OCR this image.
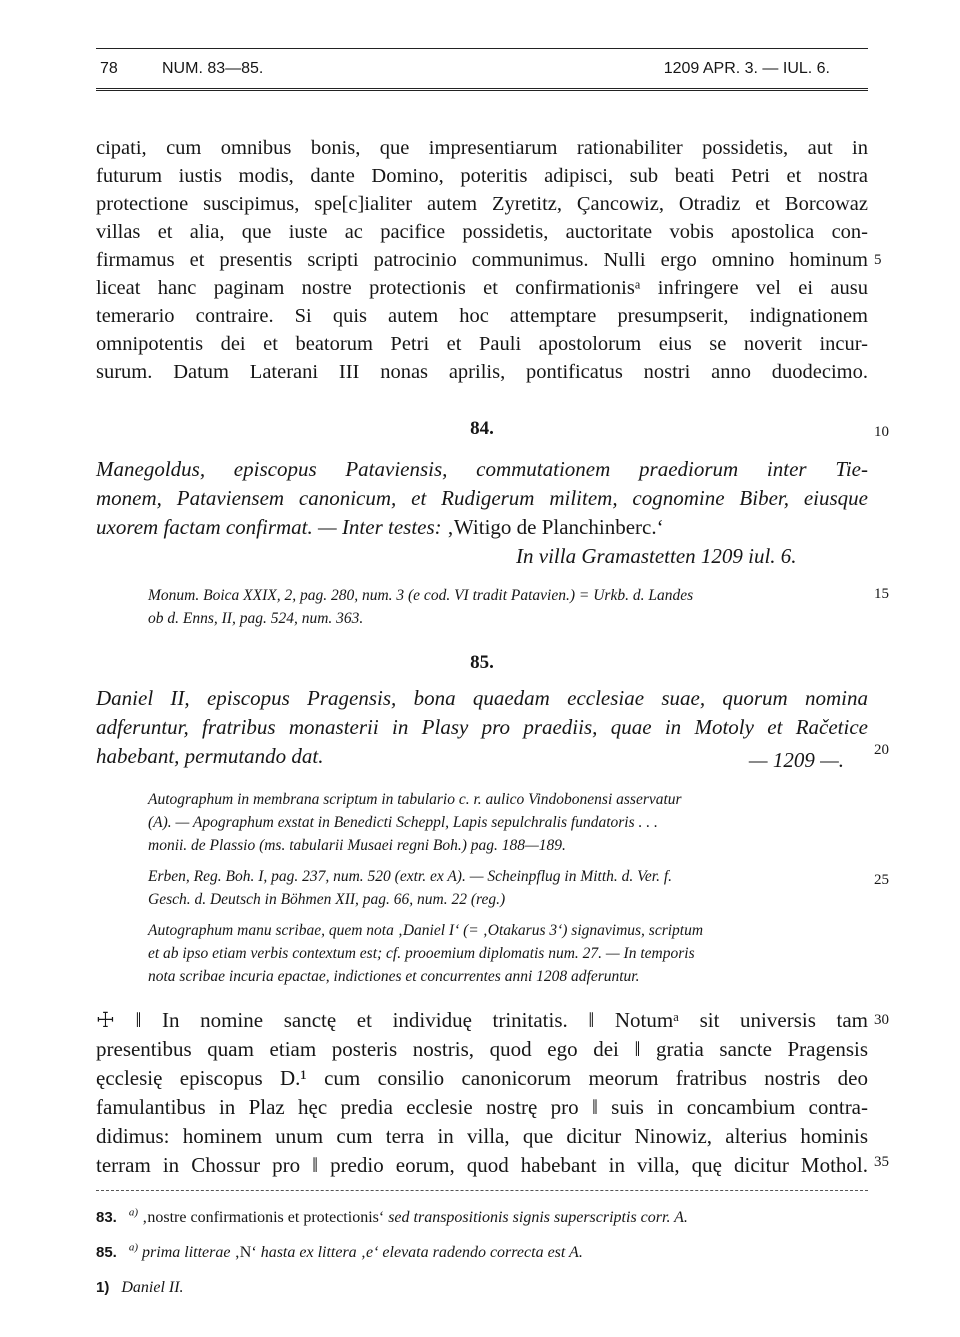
78	NUM. 83—85.	1209 APR. 3. — IUL. 6.
cipati, cum omnibus bonis, que impresentiarum rationabiliter possidetis, aut in
futurum iustis modis, dante Domino, poteritis adipisci, sub beati Petri et nostra
protectione suscipimus, spe[c]ialiter autem Zyretitz, Çancowiz, Otradiz et Borcowaz
villas et alia, que iuste ac pacifice possidetis, auctoritate vobis apostolica con-
firmamus et presentis scripti patrocinio communimus. Nulli ergo omnino hominum
liceat hanc paginam nostre protectionis et confirmationisᵃ infringere vel ei ausu
temerario contraire. Si quis autem hoc attemptare presumpserit, indignationem
omnipotentis dei et beatorum Petri et Pauli apostolorum eius se noverit incur-
surum. Datum Laterani III nonas aprilis, pontificatus nostri anno duodecimo.
84.
Manegoldus, episcopus Pataviensis, commutationem praediorum inter Tie-
monem, Pataviensem canonicum, et Rudigerum militem, cognomine Biber, eiusque
uxorem factam confirmat. — Inter testes: ‚Witigo de Planchinberc.‘
In villa Gramastetten 1209 iul. 6.
Monum. Boica XXIX, 2, pag. 280, num. 3 (e cod. VI tradit Patavien.) = Urkb. d. Landes
ob d. Enns, II, pag. 524, num. 363.
85.
Daniel II, episcopus Pragensis, bona quaedam ecclesiae suae, quorum nomina
adferuntur, fratribus monasterii in Plasy pro praediis, quae in Motoly et Račetice
habebant, permutando dat.	— 1209 —.
Autographum in membrana scriptum in tabulario c. r. aulico Vindobonensi asservatur
(A). — Apographum exstat in Benedicti Scheppl, Lapis sepulchralis fundatoris . . .
monii. de Plassio (ms. tabularii Musaei regni Boh.) pag. 188—189.
Erben, Reg. Boh. I, pag. 237, num. 520 (extr. ex A). — Scheinpflug in Mitth. d. Ver. f.
Gesch. d. Deutsch in Böhmen XII, pag. 66, num. 22 (reg.)
Autographum manu scribae, quem nota ‚Daniel I‘ (= ‚Otakarus 3‘) signavimus, scriptum
et ab ipso etiam verbis contextum est; cf. prooemium diplomatis num. 27. — In temporis
nota scribae incuria epactae, indictiones et concurrentes anni 1208 adferuntur.
☩ ‖ In nomine sanctę et individuę trinitatis. ‖ Notumᵃ sit universis tam
presentibus quam etiam posteris nostris, quod ego dei ‖ gratia sancte Pragensis
ęcclesię episcopus D.¹ cum consilio canonicorum meorum fratribus nostris deo
famulantibus in Plaz hęc predia ecclesie nostrę pro ‖ suis in concambium contra-
didimus: hominem unum cum terra in villa, que dicitur Ninowiz, alterius hominis
terram in Chossur pro ‖ predio eorum, quod habebant in villa, quę dicitur Mothol.
5
10
15
20
25
30
35
83. $^{a)}$ ‚nostre confirmationis et protectionis‘ sed transpositionis signis superscriptis corr. A.
85. $^{a)}$ prima litterae ‚N‘ hasta ex littera ‚e‘ elevata radendo correcta est A.
1) Daniel II.
